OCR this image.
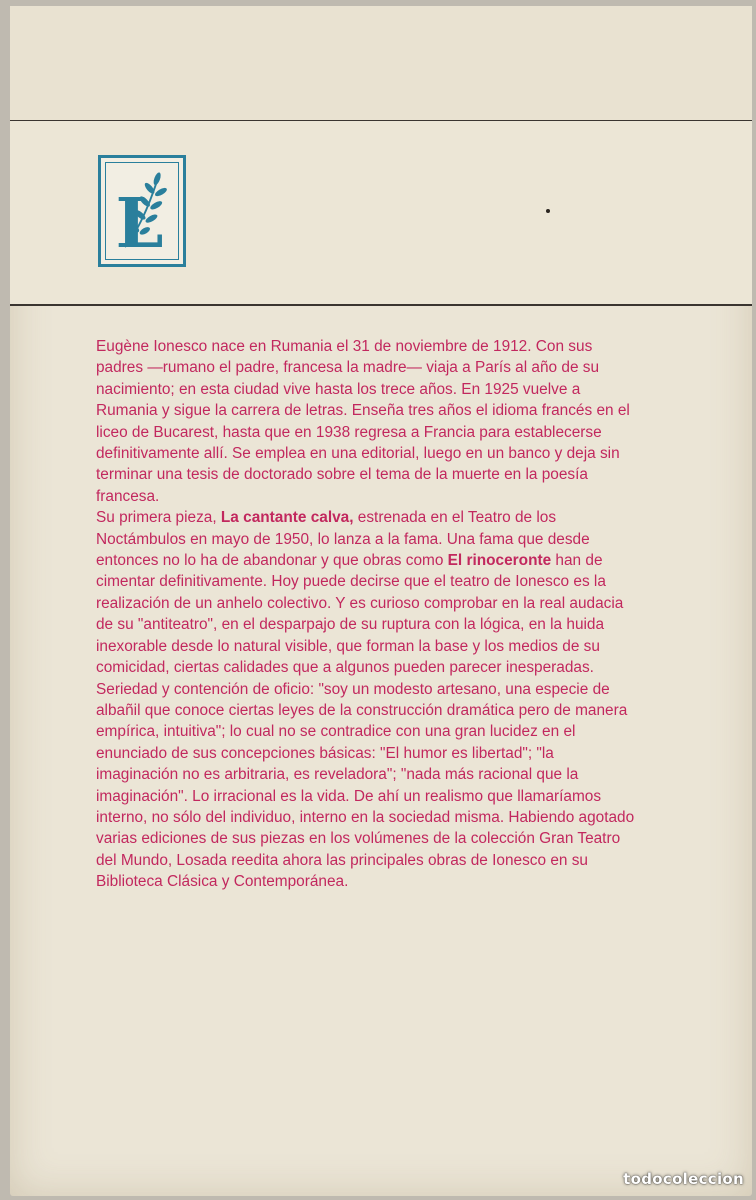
L

Eugène Ionesco nace en Rumania el 31 de noviembre de 1912. Con sus padres —rumano el padre, francesa la madre— viaja a París al año de su nacimiento; en esta ciudad vive hasta los trece años. En 1925 vuelve a Rumania y sigue la carrera de letras. Enseña tres años el idioma francés en el liceo de Bucarest, hasta que en 1938 regresa a Francia para establecerse definitivamente allí. Se emplea en una editorial, luego en un banco y deja sin terminar una tesis de doctorado sobre el tema de la muerte en la poesía francesa.

Su primera pieza, La cantante calva, estrenada en el Teatro de los Noctámbulos en mayo de 1950, lo lanza a la fama. Una fama que desde entonces no lo ha de abandonar y que obras como El rinoceronte han de cimentar definitivamente. Hoy puede decirse que el teatro de Ionesco es la realización de un anhelo colectivo. Y es curioso comprobar en la real audacia de su "antiteatro", en el desparpajo de su ruptura con la lógica, en la huida inexorable desde lo natural visible, que forman la base y los medios de su comicidad, ciertas calidades que a algunos pueden parecer inesperadas. Seriedad y contención de oficio: "soy un modesto artesano, una especie de albañil que conoce ciertas leyes de la construcción dramática pero de manera empírica, intuitiva"; lo cual no se contradice con una gran lucidez en el enunciado de sus concepciones básicas: "El humor es libertad"; "la imaginación no es arbitraria, es reveladora"; "nada más racional que la imaginación". Lo irracional es la vida. De ahí un realismo que llamaríamos interno, no sólo del individuo, interno en la sociedad misma. Habiendo agotado varias ediciones de sus piezas en los volúmenes de la colección Gran Teatro del Mundo, Losada reedita ahora las principales obras de Ionesco en su Biblioteca Clásica y Contemporánea.

todocoleccion
